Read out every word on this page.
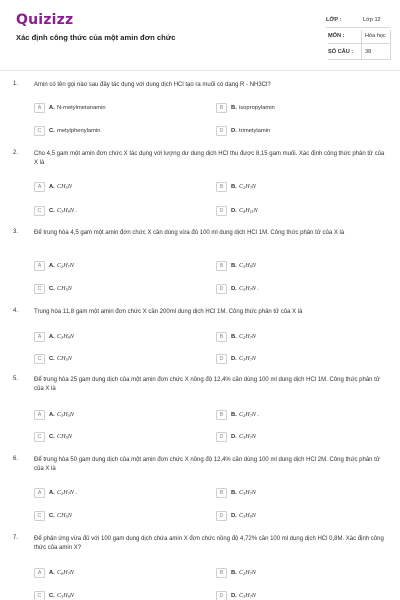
Quizizz
Xác định công thức của một amin đơn chức
LỚP :	Lớp 12
MÔN :	Hóa học
SỐ CÂU : 38
1.	Amin có tên gọi nào sau đây tác dụng với dung dịch HCl tạo ra muối có dạng R - NH3Cl?
A	A. N-metylmetanamin	B	B. isopropylamin
C	C. metylphenylamin	D	D. trimetylamin
2.	Cho 4,5 gam một amin đơn chức X tác dụng với lượng dư dung dịch HCl thu được 8,15 gam muối. Xác định công thức phân tử của X là
A	A. $CH_5N$	B	B. $C_2H_7N$
C	C. $C_3H_9N$ .	D	D. $C_4H_{11}N$
3.	Để trung hòa 4,5 gam một amin đơn chức X cần dùng vừa đủ 100 ml dung dịch HCl 1M. Công thức phân tử của X là
A	A. $C_2H_7N$	B	B. $C_3H_9N$
C	C. $CH_5N$	D	D. $C_3H_7N$ .
4.	Trung hòa 11,8 gam một amin đơn chức X cần 200ml dung dịch HCl 1M. Công thức phân tử của X là
A	A. $C_3H_9N$	B	B. $C_2H_7N$
C	C. $CH_5N$	D	D. $C_3H_7N$
5.	Để trung hòa 25 gam dung dịch của một amin đơn chức X nồng độ 12,4% cần dùng 100 ml dung dịch HCl 1M. Công thức phân tử của X là
A	A. $C_3H_5N$	B	B. $C_2H_7N$ .
C	C. $CH_5N$	D	D. $C_3H_7N$
6.	Để trung hòa 50 gam dung dịch của một amin đơn chức X nồng độ 12,4% cần dùng 100 ml dung dịch HCl 2M. Công thức phân tử của X là
A	A. $C_2H_7N$ .	B	B. $C_3H_7N$
C	C. $CH_5N$	D	D. $C_3H_9N$
7.	Để phản ứng vừa đủ với 100 gam dung dịch chứa amin X đơn chức nồng độ 4,72% cần 100 ml dung dịch HCl 0,8M. Xác định công thức của amin X?
A	A. $C_6H_7N$	B	B. $C_2H_7N$
C	C. $C_3H_9N$	D	D. $C_3H_7N$
